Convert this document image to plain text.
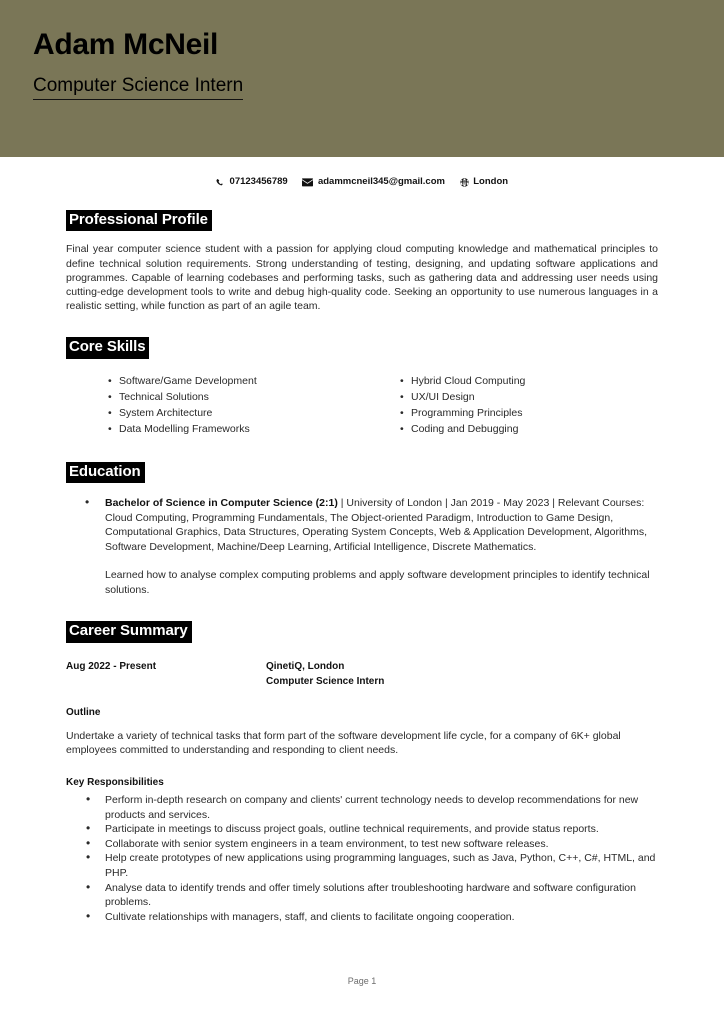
Adam McNeil
Computer Science Intern
07123456789	adammcneil345@gmail.com	London
Professional Profile
Final year computer science student with a passion for applying cloud computing knowledge and mathematical principles to define technical solution requirements. Strong understanding of testing, designing, and updating software applications and programmes. Capable of learning codebases and performing tasks, such as gathering data and addressing user needs using cutting-edge development tools to write and debug high-quality code. Seeking an opportunity to use numerous languages in a realistic setting, while function as part of an agile team.
Core Skills
• Software/Game Development
• Technical Solutions
• System Architecture
• Data Modelling Frameworks
• Hybrid Cloud Computing
• UX/UI Design
• Programming Principles
• Coding and Debugging
Education
• Bachelor of Science in Computer Science (2:1) | University of London | Jan 2019 - May 2023 | Relevant Courses: Cloud Computing, Programming Fundamentals, The Object-oriented Paradigm, Introduction to Game Design, Computational Graphics, Data Structures, Operating System Concepts, Web & Application Development, Algorithms, Software Development, Machine/Deep Learning, Artificial Intelligence, Discrete Mathematics.
Learned how to analyse complex computing problems and apply software development principles to identify technical solutions.
Career Summary
Aug 2022 - Present	QinetiQ, London
Computer Science Intern
Outline
Undertake a variety of technical tasks that form part of the software development life cycle, for a company of 6K+ global employees committed to understanding and responding to client needs.
Key Responsibilities
• Perform in-depth research on company and clients' current technology needs to develop recommendations for new products and services.
• Participate in meetings to discuss project goals, outline technical requirements, and provide status reports.
• Collaborate with senior system engineers in a team environment, to test new software releases.
• Help create prototypes of new applications using programming languages, such as Java, Python, C++, C#, HTML, and PHP.
• Analyse data to identify trends and offer timely solutions after troubleshooting hardware and software configuration problems.
• Cultivate relationships with managers, staff, and clients to facilitate ongoing cooperation.
Page 1
